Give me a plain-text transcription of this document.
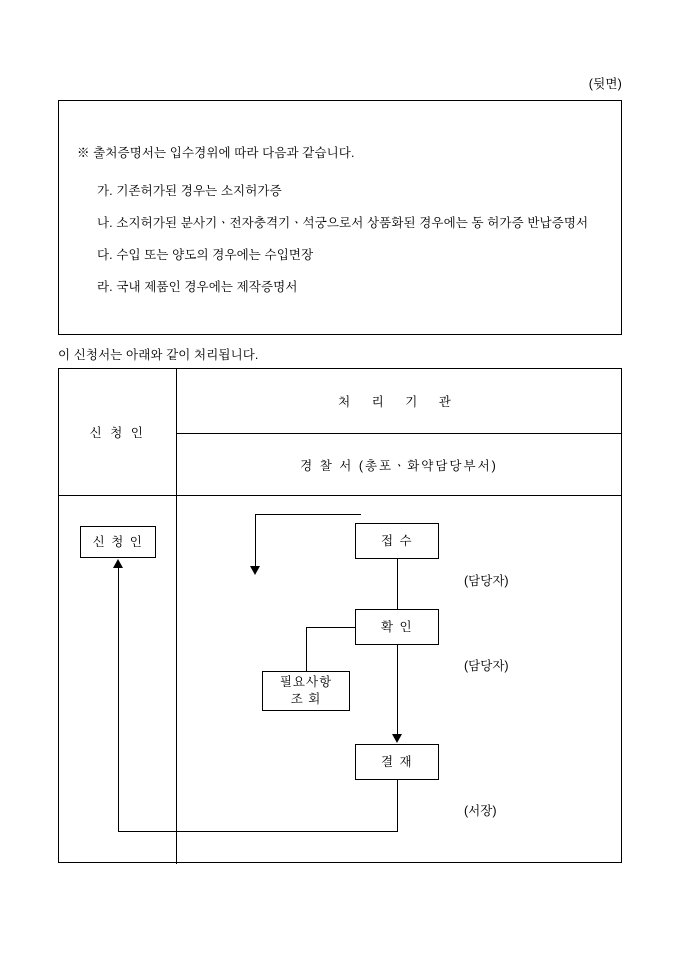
(뒷면)
※ 출처증명서는 입수경위에 따라 다음과 같습니다.
가. 기존허가된 경우는 소지허가증
나. 소지허가된 분사기ㆍ전자충격기ㆍ석궁으로서 상품화된 경우에는 동 허가증 반납증명서
다. 수입 또는 양도의 경우에는 수입면장
라. 국내 제품인 경우에는 제작증명서
이 신청서는 아래와 같이 처리됩니다.
신 청 인
처 리 기 관
경 찰 서 (총포ㆍ화약담당부서)
신 청 인	접 수
확 인
필요사항
조 회
결 재
(담당자)
(담당자)
(서장)
